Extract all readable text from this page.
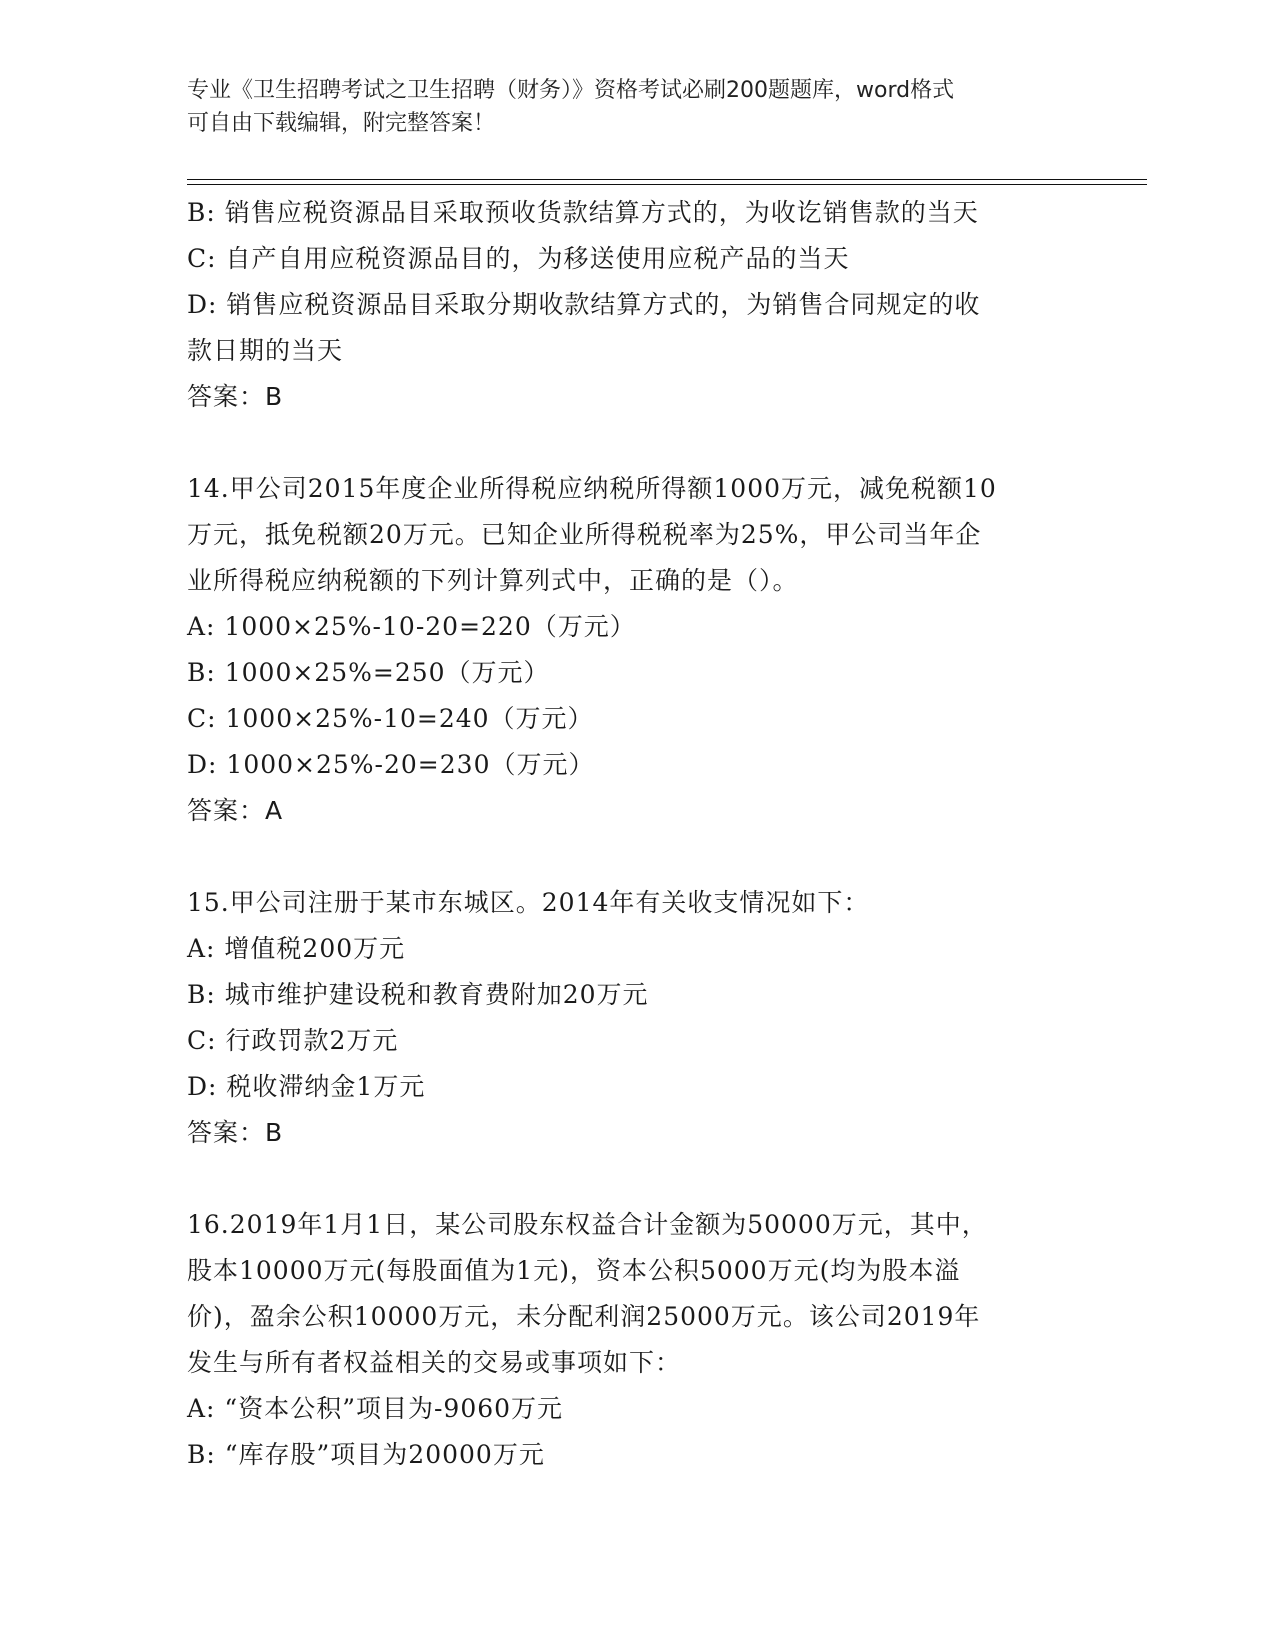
专业《卫生招聘考试之卫生招聘（财务）》资格考试必刷200题题库，word格式
可自由下载编辑，附完整答案！
B: 销售应税资源品目采取预收货款结算方式的，为收讫销售款的当天
C: 自产自用应税资源品目的，为移送使用应税产品的当天
D: 销售应税资源品目采取分期收款结算方式的，为销售合同规定的收
款日期的当天
答案：B
14.甲公司2015年度企业所得税应纳税所得额1000万元，减免税额10
万元，抵免税额20万元。已知企业所得税税率为25%，甲公司当年企
业所得税应纳税额的下列计算列式中，正确的是（）。
A: 1000×25%-10-20=220（万元）
B: 1000×25%=250（万元）
C: 1000×25%-10=240（万元）
D: 1000×25%-20=230（万元）
答案：A
15.甲公司注册于某市东城区。2014年有关收支情况如下：
A: 增值税200万元
B: 城市维护建设税和教育费附加20万元
C: 行政罚款2万元
D: 税收滞纳金1万元
答案：B
16.2019年1月1日，某公司股东权益合计金额为50000万元，其中，
股本10000万元(每股面值为1元)，资本公积5000万元(均为股本溢
价)，盈余公积10000万元，未分配利润25000万元。该公司2019年
发生与所有者权益相关的交易或事项如下：
A: “资本公积”项目为-9060万元
B: “库存股”项目为20000万元
